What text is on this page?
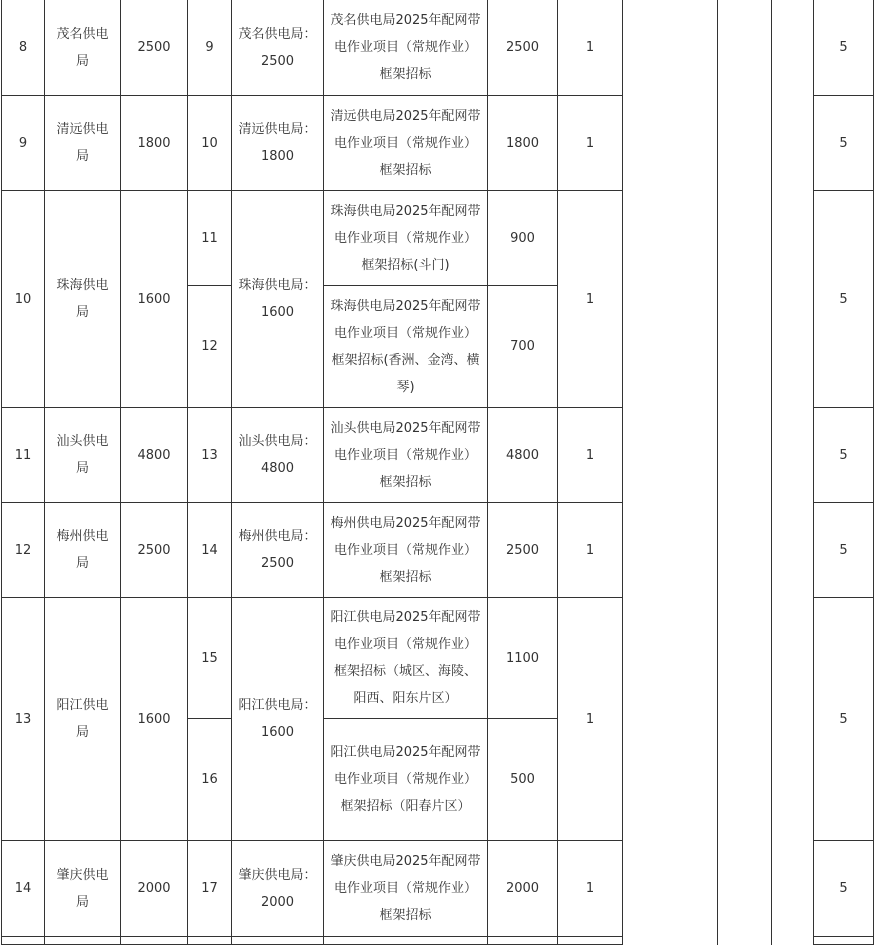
8	茂名供电局	2500	9	茂名供电局：2500	茂名供电局2025年配网带电作业项目（常规作业）框架招标	2500	1				5
9	清远供电局	1800	10	清远供电局：1800	清远供电局2025年配网带电作业项目（常规作业）框架招标	1800	1				5
10	珠海供电局	1600	11	珠海供电局：1600	珠海供电局2025年配网带电作业项目（常规作业）框架招标(斗门)	900	1				5
			12		珠海供电局2025年配网带电作业项目（常规作业）框架招标(香洲、金湾、横琴)	700					
11	汕头供电局	4800	13	汕头供电局：4800	汕头供电局2025年配网带电作业项目（常规作业）框架招标	4800	1				5
12	梅州供电局	2500	14	梅州供电局：2500	梅州供电局2025年配网带电作业项目（常规作业）框架招标	2500	1				5
13	阳江供电局	1600	15	阳江供电局：1600	阳江供电局2025年配网带电作业项目（常规作业）框架招标（城区、海陵、阳西、阳东片区）	1100	1				5
			16		阳江供电局2025年配网带电作业项目（常规作业）框架招标（阳春片区）	500					
14	肇庆供电局	2000	17	肇庆供电局：2000	肇庆供电局2025年配网带电作业项目（常规作业）框架招标	2000	1				5
